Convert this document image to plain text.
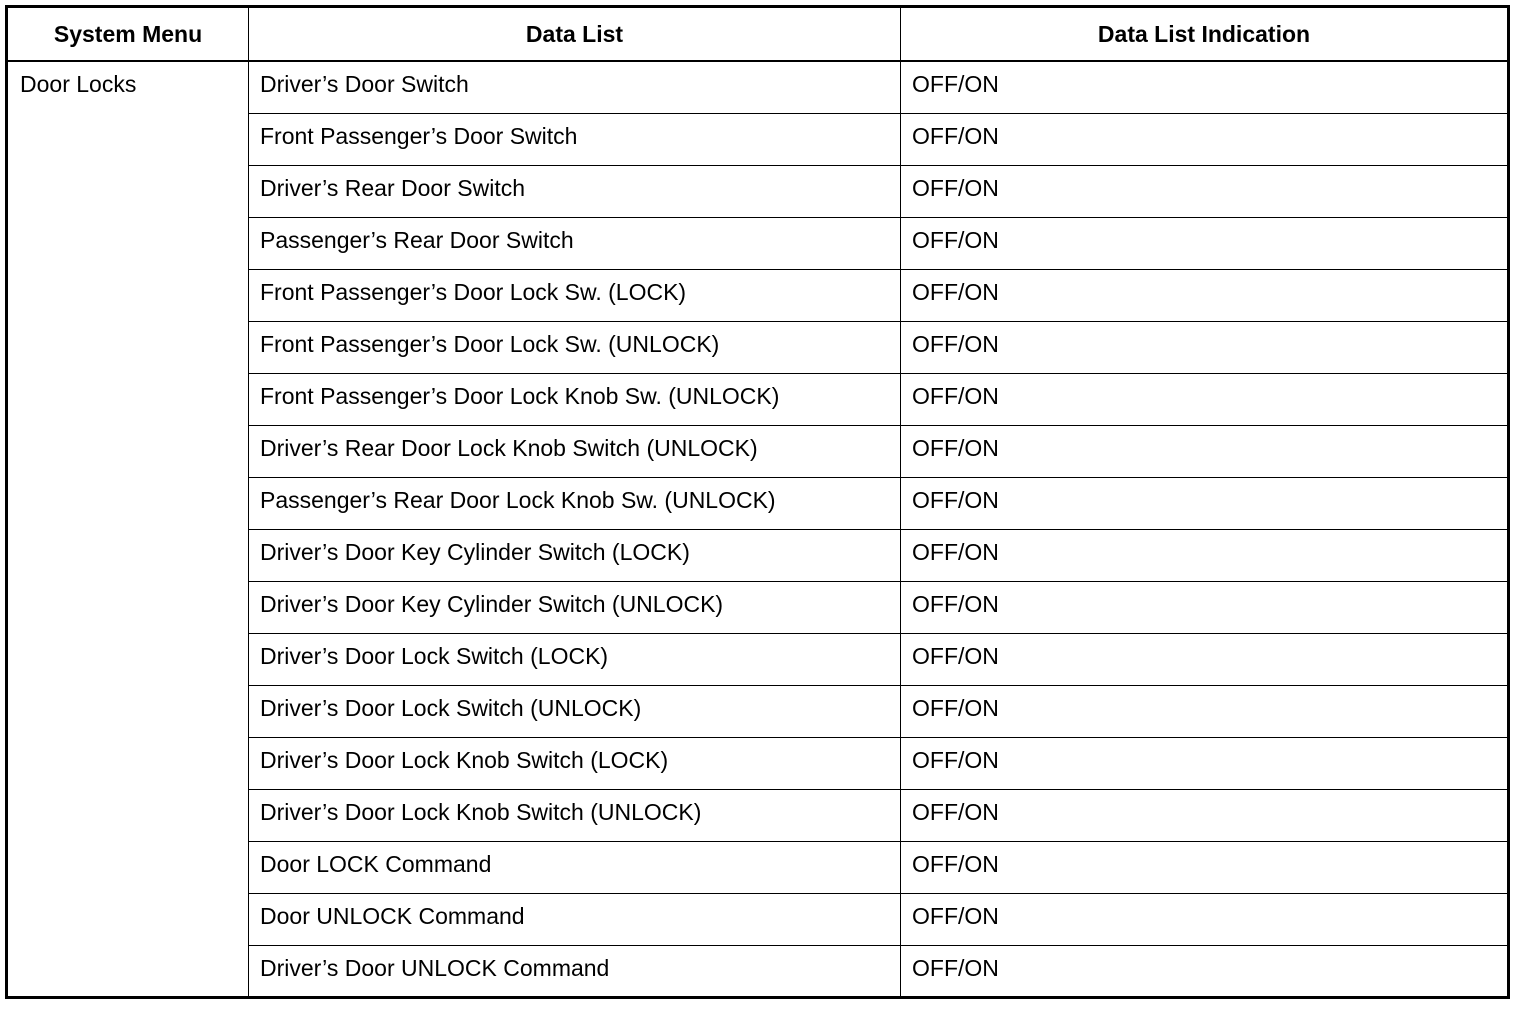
System Menu	Data List	Data List Indication
Door Locks	Driver’s Door Switch	OFF/ON
	Front Passenger’s Door Switch	OFF/ON
	Driver’s Rear Door Switch	OFF/ON
	Passenger’s Rear Door Switch	OFF/ON
	Front Passenger’s Door Lock Sw. (LOCK)	OFF/ON
	Front Passenger’s Door Lock Sw. (UNLOCK)	OFF/ON
	Front Passenger’s Door Lock Knob Sw. (UNLOCK)	OFF/ON
	Driver’s Rear Door Lock Knob Switch (UNLOCK)	OFF/ON
	Passenger’s Rear Door Lock Knob Sw. (UNLOCK)	OFF/ON
	Driver’s Door Key Cylinder Switch (LOCK)	OFF/ON
	Driver’s Door Key Cylinder Switch (UNLOCK)	OFF/ON
	Driver’s Door Lock Switch (LOCK)	OFF/ON
	Driver’s Door Lock Switch (UNLOCK)	OFF/ON
	Driver’s Door Lock Knob Switch (LOCK)	OFF/ON
	Driver’s Door Lock Knob Switch (UNLOCK)	OFF/ON
	Door LOCK Command	OFF/ON
	Door UNLOCK Command	OFF/ON
	Driver’s Door UNLOCK Command	OFF/ON
